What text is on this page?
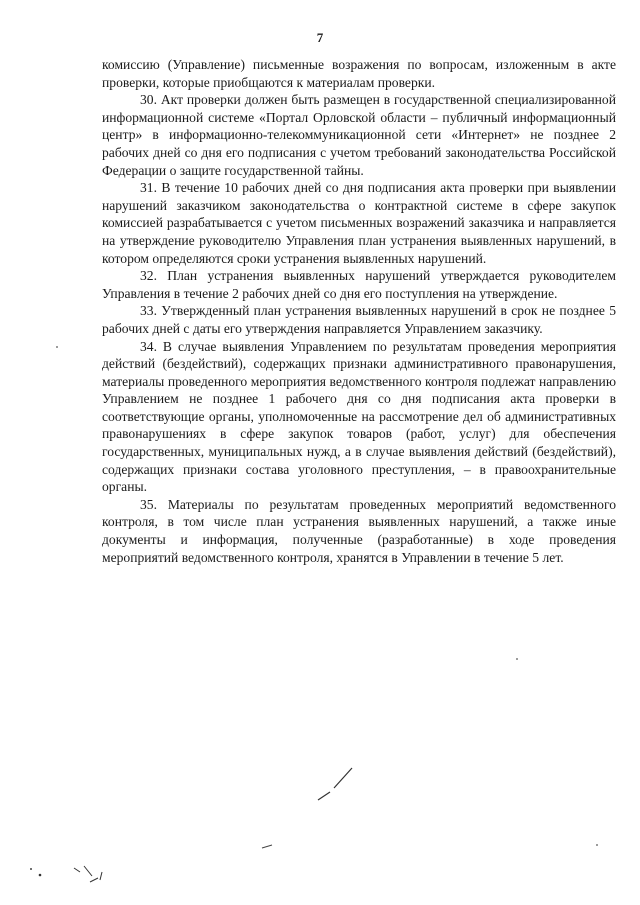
7

комиссию (Управление) письменные возражения по вопросам, изложенным в акте проверки, которые приобщаются к материалам проверки.

30. Акт проверки должен быть размещен в государственной специализированной информационной системе «Портал Орловской области – публичный информационный центр» в информационно-телекоммуникационной сети «Интернет» не позднее 2 рабочих дней со дня его подписания с учетом требований законодательства Российской Федерации о защите государственной тайны.

31. В течение 10 рабочих дней со дня подписания акта проверки при выявлении нарушений заказчиком законодательства о контрактной системе в сфере закупок комиссией разрабатывается с учетом письменных возражений заказчика и направляется на утверждение руководителю Управления план устранения выявленных нарушений, в котором определяются сроки устранения выявленных нарушений.

32. План устранения выявленных нарушений утверждается руководителем Управления в течение 2 рабочих дней со дня его поступления на утверждение.

33. Утвержденный план устранения выявленных нарушений в срок не позднее 5 рабочих дней с даты его утверждения направляется Управлением заказчику.

34. В случае выявления Управлением по результатам проведения мероприятия действий (бездействий), содержащих признаки административного правонарушения, материалы проведенного мероприятия ведомственного контроля подлежат направлению Управлением не позднее 1 рабочего дня со дня подписания акта проверки в соответствующие органы, уполномоченные на рассмотрение дел об административных правонарушениях в сфере закупок товаров (работ, услуг) для обеспечения государственных, муниципальных нужд, а в случае выявления действий (бездействий), содержащих признаки состава уголовного преступления, – в правоохранительные органы.

35. Материалы по результатам проведенных мероприятий ведомственного контроля, в том числе план устранения выявленных нарушений, а также иные документы и информация, полученные (разработанные) в ходе проведения мероприятий ведомственного контроля, хранятся в Управлении в течение 5 лет.
